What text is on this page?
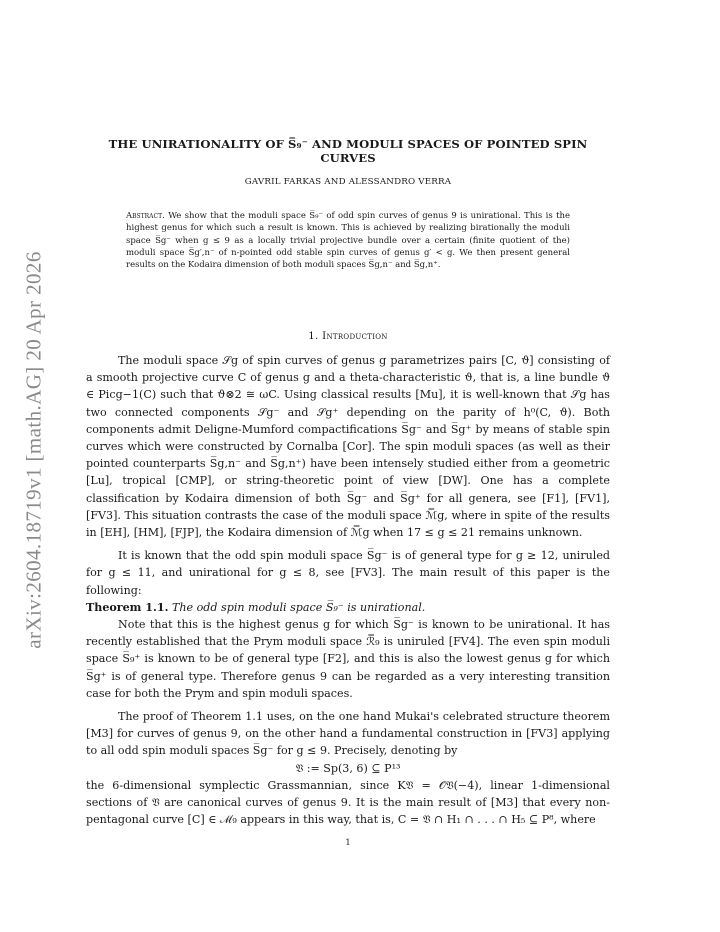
arXiv:2604.18719v1 [math.AG] 20 Apr 2026
THE UNIRATIONALITY OF S̅₉⁻ AND MODULI SPACES OF POINTED SPIN CURVES
GAVRIL FARKAS AND ALESSANDRO VERRA
Abstract. We show that the moduli space S̅₉⁻ of odd spin curves of genus 9 is unirational. This is the highest genus for which such a result is known. This is achieved by realizing birationally the moduli space S̅g⁻ when g ≤ 9 as a locally trivial projective bundle over a certain (finite quotient of the) moduli space S̅g′,n⁻ of n-pointed odd stable spin curves of genus g′ < g. We then present general results on the Kodaira dimension of both moduli spaces S̅g,n⁻ and S̅g,n⁺.
1. Introduction

The moduli space 𝒮g of spin curves of genus g parametrizes pairs [C, ϑ] consisting of a smooth projective curve C of genus g and a theta-characteristic ϑ, that is, a line bundle ϑ ∈ Picg−1(C) such that ϑ⊗2 ≅ ωC. Using classical results [Mu], it is well-known that 𝒮g has two connected components 𝒮g⁻ and 𝒮g⁺ depending on the parity of h⁰(C, ϑ). Both components admit Deligne-Mumford compactifications S̅g⁻ and S̅g⁺ by means of stable spin curves which were constructed by Cornalba [Cor]. The spin moduli spaces (as well as their pointed counterparts S̅g,n⁻ and S̅g,n⁺) have been intensely studied either from a geometric [Lu], tropical [CMP], or string-theoretic point of view [DW]. One has a complete classification by Kodaira dimension of both S̅g⁻ and S̅g⁺ for all genera, see [F1], [FV1], [FV3]. This situation contrasts the case of the moduli space ℳ̅g, where in spite of the results in [EH], [HM], [FJP], the Kodaira dimension of ℳ̅g when 17 ≤ g ≤ 21 remains unknown.

It is known that the odd spin moduli space S̅g⁻ is of general type for g ≥ 12, uniruled for g ≤ 11, and unirational for g ≤ 8, see [FV3]. The main result of this paper is the following:

Theorem 1.1. The odd spin moduli space S̅₉⁻ is unirational.

Note that this is the highest genus g for which S̅g⁻ is known to be unirational. It has recently established that the Prym moduli space ℛ̅₉ is uniruled [FV4]. The even spin moduli space S̅₉⁺ is known to be of general type [F2], and this is also the lowest genus g for which S̅g⁺ is of general type. Therefore genus 9 can be regarded as a very interesting transition case for both the Prym and spin moduli spaces.

The proof of Theorem 1.1 uses, on the one hand Mukai's celebrated structure theorem [M3] for curves of genus 9, on the other hand a fundamental construction in [FV3] applying to all odd spin moduli spaces S̅g⁻ for g ≤ 9. Precisely, denoting by

𝔙 := Sp(3, 6) ⊆ P¹³

the 6-dimensional symplectic Grassmannian, since K𝔙 = 𝒪𝔙(−4), linear 1-dimensional sections of 𝔙 are canonical curves of genus 9. It is the main result of [M3] that every non-pentagonal curve [C] ∈ ℳ₉ appears in this way, that is, C = 𝔙 ∩ H₁ ∩ . . . ∩ H₅ ⊆ P⁸, where

1
